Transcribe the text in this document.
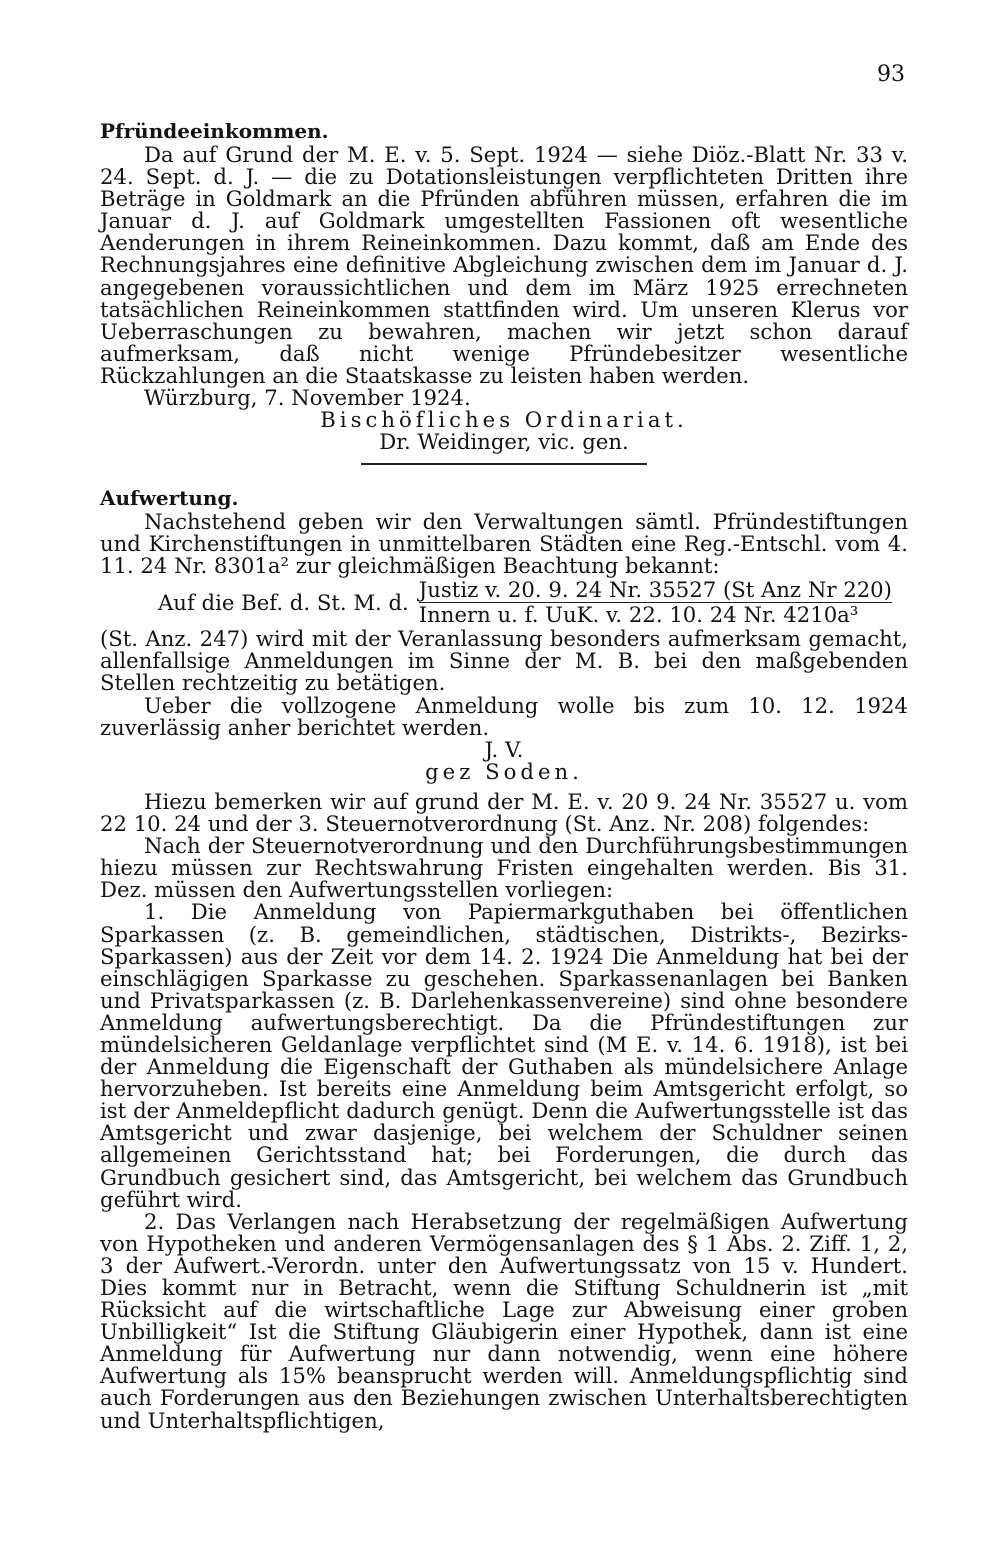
93
Pfründeeinkommen.

Da auf Grund der M. E. v. 5. Sept. 1924 — siehe Diöz.-Blatt Nr. 33 v. 24. Sept. d. J. — die zu Dotationsleistungen verpflichteten Dritten ihre Beträge in Goldmark an die Pfründen abführen müssen, erfahren die im Januar d. J. auf Goldmark umgestellten Fassionen oft wesentliche Aenderungen in ihrem Reineinkommen. Dazu kommt, daß am Ende des Rechnungsjahres eine definitive Abgleichung zwischen dem im Januar d. J. angegebenen voraussichtlichen und dem im März 1925 errechneten tatsächlichen Reineinkommen stattfinden wird. Um unseren Klerus vor Ueberraschungen zu bewahren, machen wir jetzt schon darauf aufmerksam, daß nicht wenige Pfründebesitzer wesentliche Rückzahlungen an die Staatskasse zu leisten haben werden.

Würzburg, 7. November 1924.

Bischöfliches Ordinariat.

Dr. Weidinger, vic. gen.

Aufwertung.

Nachstehend geben wir den Verwaltungen sämtl. Pfründestiftungen und Kirchenstiftungen in unmittelbaren Städten eine Reg.-Entschl. vom 4. 11. 24 Nr. 8301a² zur gleichmäßigen Beachtung bekannt:

Auf die Bef. d. St. M. d. $\frac{\text{Justiz v. 20. 9. 24 Nr. 35527 (St Anz Nr 220)}}{\text{Innern u. f. UuK. v. 22. 10. 24 Nr. 4210a³}}$

(St. Anz. 247) wird mit der Veranlassung besonders aufmerksam gemacht, allenfallsige Anmeldungen im Sinne der M. B. bei den maßgebenden Stellen rechtzeitig zu betätigen.

Ueber die vollzogene Anmeldung wolle bis zum 10. 12. 1924 zuverlässig anher berichtet werden.

J. V.

gez Soden.

Hiezu bemerken wir auf grund der M. E. v. 20 9. 24 Nr. 35527 u. vom 22 10. 24 und der 3. Steuernotverordnung (St. Anz. Nr. 208) folgendes:

Nach der Steuernotverordnung und den Durchführungsbestimmungen hiezu müssen zur Rechtswahrung Fristen eingehalten werden. Bis 31. Dez. müssen den Aufwertungsstellen vorliegen:

1. Die Anmeldung von Papiermarkguthaben bei öffentlichen Sparkassen (z. B. gemeindlichen, städtischen, Distrikts-, Bezirks-Sparkassen) aus der Zeit vor dem 14. 2. 1924 Die Anmeldung hat bei der einschlägigen Sparkasse zu geschehen. Sparkassenanlagen bei Banken und Privatsparkassen (z. B. Darlehenkassenvereine) sind ohne besondere Anmeldung aufwertungsberechtigt. Da die Pfründestiftungen zur mündelsicheren Geldanlage verpflichtet sind (M E. v. 14. 6. 1918), ist bei der Anmeldung die Eigenschaft der Guthaben als mündelsichere Anlage hervorzuheben. Ist bereits eine Anmeldung beim Amtsgericht erfolgt, so ist der Anmeldepflicht dadurch genügt. Denn die Aufwertungsstelle ist das Amtsgericht und zwar dasjenige, bei welchem der Schuldner seinen allgemeinen Gerichtsstand hat; bei Forderungen, die durch das Grundbuch gesichert sind, das Amtsgericht, bei welchem das Grundbuch geführt wird.

2. Das Verlangen nach Herabsetzung der regelmäßigen Aufwertung von Hypotheken und anderen Vermögensanlagen des § 1 Abs. 2. Ziff. 1, 2, 3 der Aufwert.-Verordn. unter den Aufwertungssatz von 15 v. Hundert. Dies kommt nur in Betracht, wenn die Stiftung Schuldnerin ist „mit Rücksicht auf die wirtschaftliche Lage zur Abweisung einer groben Unbilligkeit“ Ist die Stiftung Gläubigerin einer Hypothek, dann ist eine Anmeldung für Aufwertung nur dann notwendig, wenn eine höhere Aufwertung als 15% beansprucht werden will. Anmeldungspflichtig sind auch Forderungen aus den Beziehungen zwischen Unterhaltsberechtigten und Unterhaltspflichtigen,
